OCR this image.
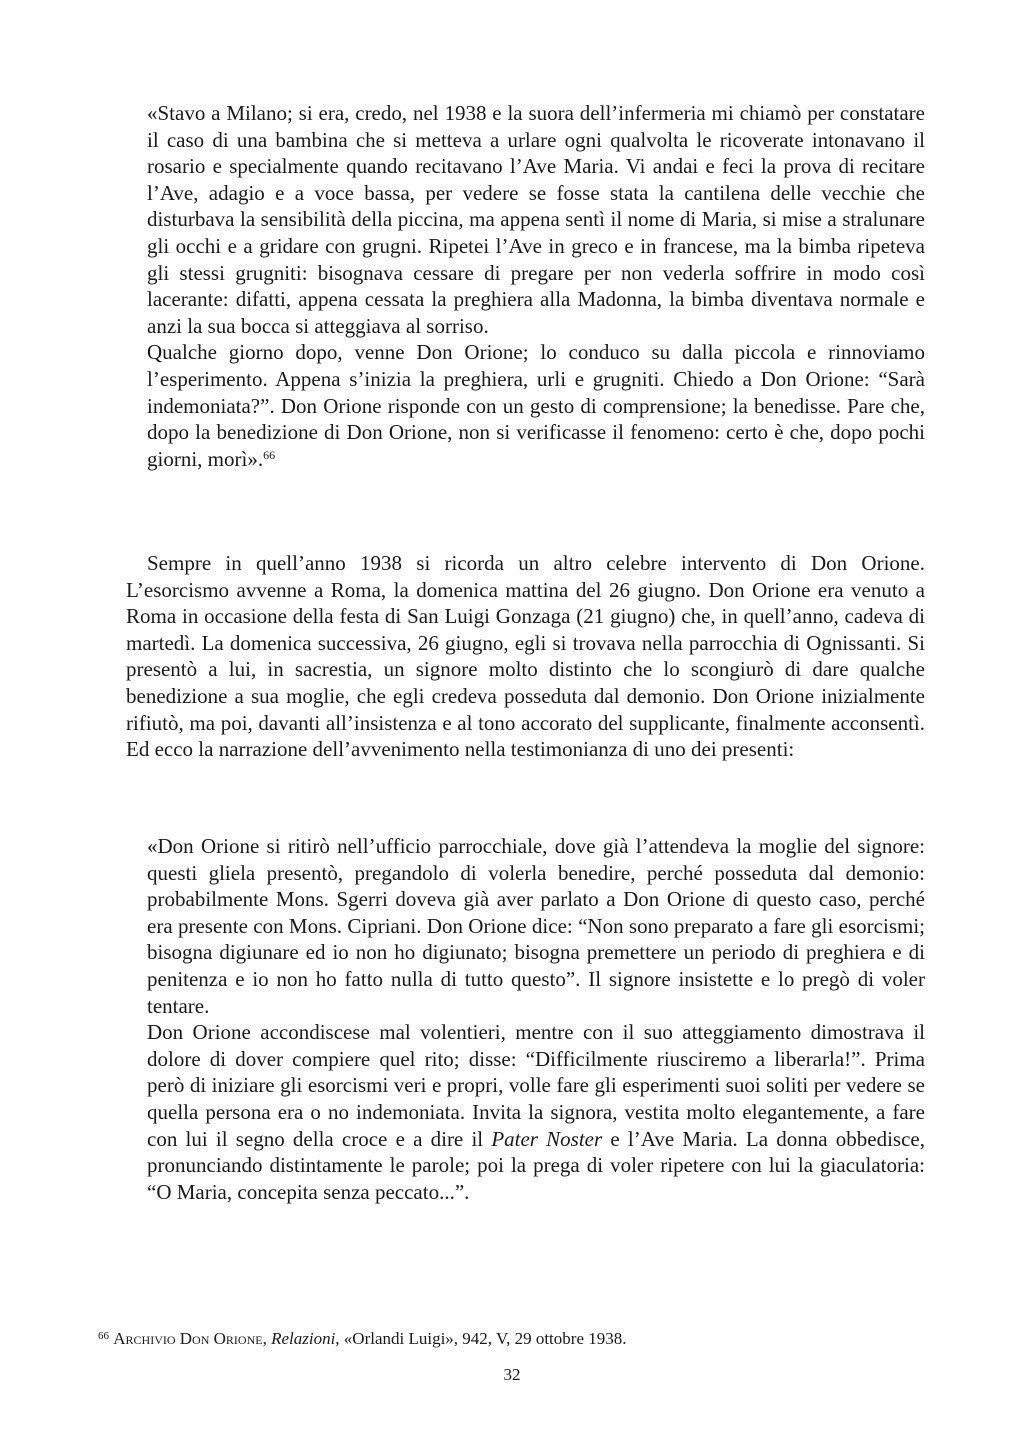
«Stavo a Milano; si era, credo, nel 1938 e la suora dell’infermeria mi chiamò per constatare il caso di una bambina che si metteva a urlare ogni qualvolta le ricoverate intonavano il rosario e specialmente quando recitavano l’Ave Maria. Vi andai e feci la prova di recitare l’Ave, adagio e a voce bassa, per vedere se fosse stata la cantilena delle vecchie che disturbava la sensibilità della piccina, ma appena sentì il nome di Maria, si mise a stralunare gli occhi e a gridare con grugni. Ripetei l’Ave in greco e in francese, ma la bimba ripeteva gli stessi grugniti: bisognava cessare di pregare per non vederla soffrire in modo così lacerante: difatti, appena cessata la preghiera alla Madonna, la bimba diventava normale e anzi la sua bocca si atteggiava al sorriso.

Qualche giorno dopo, venne Don Orione; lo conduco su dalla piccola e rinnoviamo l’esperimento. Appena s’inizia la preghiera, urli e grugniti. Chiedo a Don Orione: “Sarà indemoniata?”. Don Orione risponde con un gesto di comprensione; la benedisse. Pare che, dopo la benedizione di Don Orione, non si verificasse il fenomeno: certo è che, dopo pochi giorni, morì».$^{66}$

Sempre in quell’anno 1938 si ricorda un altro celebre intervento di Don Orione. L’esorcismo avvenne a Roma, la domenica mattina del 26 giugno. Don Orione era venuto a Roma in occasione della festa di San Luigi Gonzaga (21 giugno) che, in quell’anno, cadeva di martedì. La domenica successiva, 26 giugno, egli si trovava nella parrocchia di Ognissanti. Si presentò a lui, in sacrestia, un signore molto distinto che lo scongiurò di dare qualche benedizione a sua moglie, che egli credeva posseduta dal demonio. Don Orione inizialmente rifiutò, ma poi, davanti all’insistenza e al tono accorato del supplicante, finalmente acconsentì. Ed ecco la narrazione dell’avvenimento nella testimonianza di uno dei presenti:

«Don Orione si ritirò nell’ufficio parrocchiale, dove già l’attendeva la moglie del signore: questi gliela presentò, pregandolo di volerla benedire, perché posseduta dal demonio: probabilmente Mons. Sgerri doveva già aver parlato a Don Orione di questo caso, perché era presente con Mons. Cipriani. Don Orione dice: “Non sono preparato a fare gli esorcismi; bisogna digiunare ed io non ho digiunato; bisogna premettere un periodo di preghiera e di penitenza e io non ho fatto nulla di tutto questo”. Il signore insistette e lo pregò di voler tentare.

Don Orione accondiscese mal volentieri, mentre con il suo atteggiamento dimostrava il dolore di dover compiere quel rito; disse: “Difficilmente riusciremo a liberarla!”. Prima però di iniziare gli esorcismi veri e propri, volle fare gli esperimenti suoi soliti per vedere se quella persona era o no indemoniata. Invita la signora, vestita molto elegantemente, a fare con lui il segno della croce e a dire il Pater Noster e l’Ave Maria. La donna obbedisce, pronunciando distintamente le parole; poi la prega di voler ripetere con lui la giaculatoria: “O Maria, concepita senza peccato...”.

$^{66}$ Archivio Don Orione, Relazioni, «Orlandi Luigi», 942, V, 29 ottobre 1938.
32
